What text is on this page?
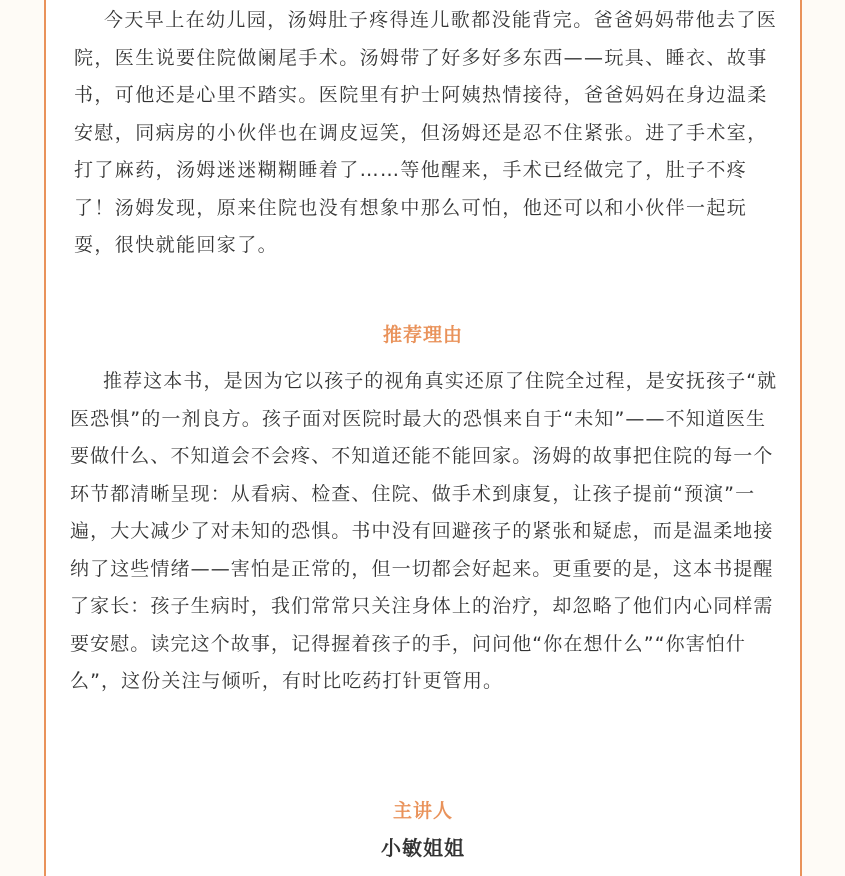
今天早上在幼儿园，汤姆肚子疼得连儿歌都没能背完。爸爸妈妈带他去了医院，医生说要住院做阑尾手术。汤姆带了好多好多东西——玩具、睡衣、故事书，可他还是心里不踏实。医院里有护士阿姨热情接待，爸爸妈妈在身边温柔安慰，同病房的小伙伴也在调皮逗笑，但汤姆还是忍不住紧张。进了手术室，打了麻药，汤姆迷迷糊糊睡着了……等他醒来，手术已经做完了，肚子不疼了！汤姆发现，原来住院也没有想象中那么可怕，他还可以和小伙伴一起玩耍，很快就能回家了。

推荐理由

推荐这本书，是因为它以孩子的视角真实还原了住院全过程，是安抚孩子“就医恐惧”的一剂良方。孩子面对医院时最大的恐惧来自于“未知”——不知道医生要做什么、不知道会不会疼、不知道还能不能回家。汤姆的故事把住院的每一个环节都清晰呈现：从看病、检查、住院、做手术到康复，让孩子提前“预演”一遍，大大减少了对未知的恐惧。书中没有回避孩子的紧张和疑虑，而是温柔地接纳了这些情绪——害怕是正常的，但一切都会好起来。更重要的是，这本书提醒了家长：孩子生病时，我们常常只关注身体上的治疗，却忽略了他们内心同样需要安慰。读完这个故事，记得握着孩子的手，问问他“你在想什么”“你害怕什么”，这份关注与倾听，有时比吃药打针更管用。

主讲人

小敏姐姐
